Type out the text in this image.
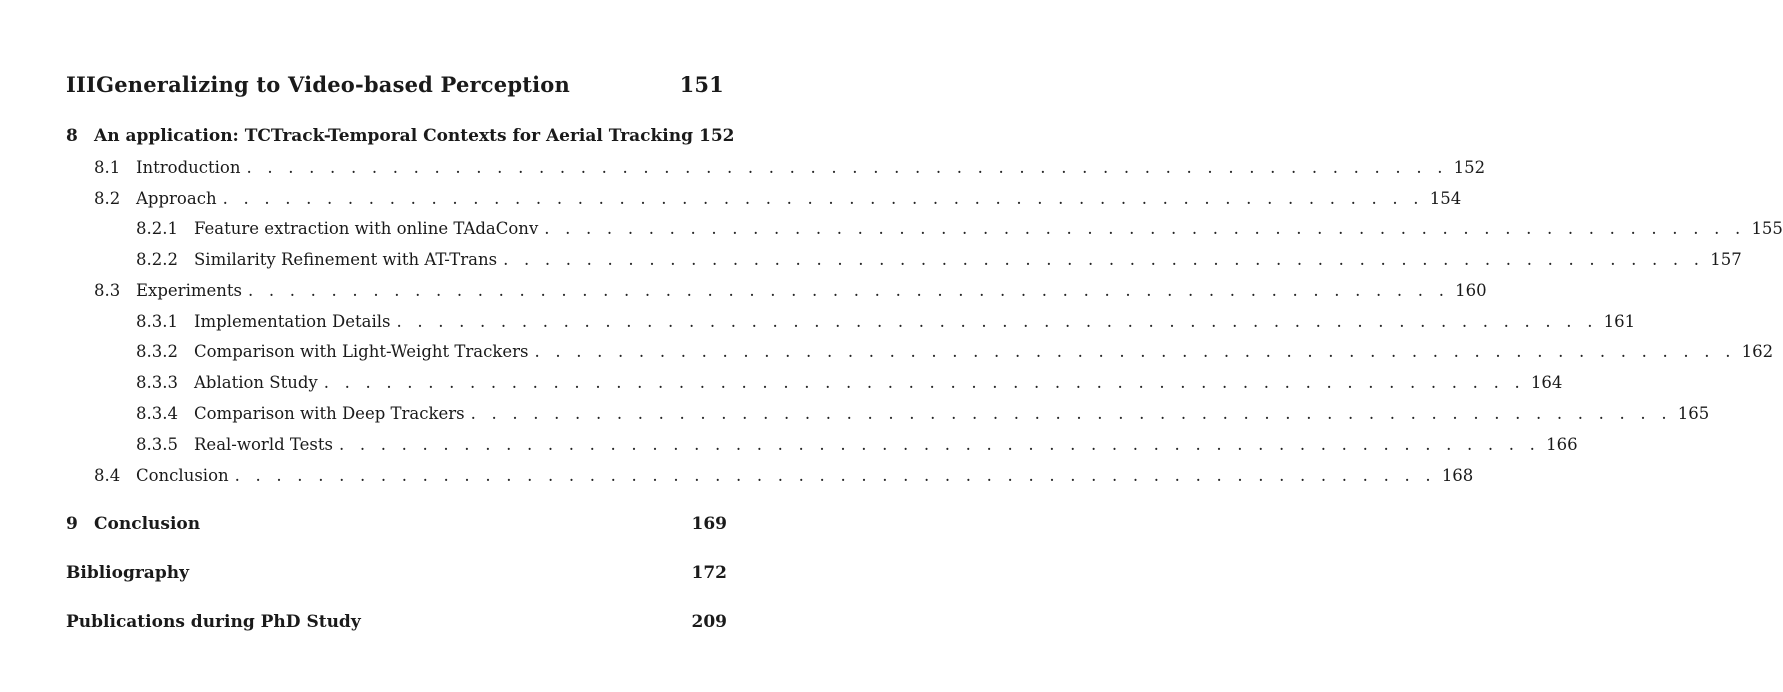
IIIGeneralizing to Video-based Perception	151
8 An application: TCTrack-Temporal Contexts for Aerial Tracking 152
8.1 Introduction . . . . . . . . . . . . . . . . . . . . . . . . . . . . . . . . . . . . . . . . . . . . . . . . . . . . . . . . . . 152
8.2 Approach . . . . . . . . . . . . . . . . . . . . . . . . . . . . . . . . . . . . . . . . . . . . . . . . . . . . . . . . . . 154
8.2.1 Feature extraction with online TAdaConv . . . . . . . . . . . . . . . . . . . . . . . . . . . . . . . . . . . . . . . . . . . . . . . . . . . . . . . . . . 155
8.2.2 Similarity Refinement with AT-Trans . . . . . . . . . . . . . . . . . . . . . . . . . . . . . . . . . . . . . . . . . . . . . . . . . . . . . . . . . . 157
8.3 Experiments . . . . . . . . . . . . . . . . . . . . . . . . . . . . . . . . . . . . . . . . . . . . . . . . . . . . . . . . . . 160
8.3.1 Implementation Details . . . . . . . . . . . . . . . . . . . . . . . . . . . . . . . . . . . . . . . . . . . . . . . . . . . . . . . . . . 161
8.3.2 Comparison with Light-Weight Trackers . . . . . . . . . . . . . . . . . . . . . . . . . . . . . . . . . . . . . . . . . . . . . . . . . . . . . . . . . . 162
8.3.3 Ablation Study . . . . . . . . . . . . . . . . . . . . . . . . . . . . . . . . . . . . . . . . . . . . . . . . . . . . . . . . . . 164
8.3.4 Comparison with Deep Trackers . . . . . . . . . . . . . . . . . . . . . . . . . . . . . . . . . . . . . . . . . . . . . . . . . . . . . . . . . . 165
8.3.5 Real-world Tests . . . . . . . . . . . . . . . . . . . . . . . . . . . . . . . . . . . . . . . . . . . . . . . . . . . . . . . . . . 166
8.4 Conclusion . . . . . . . . . . . . . . . . . . . . . . . . . . . . . . . . . . . . . . . . . . . . . . . . . . . . . . . . . . 168
9 Conclusion	169
Bibliography	172
Publications during PhD Study	209
